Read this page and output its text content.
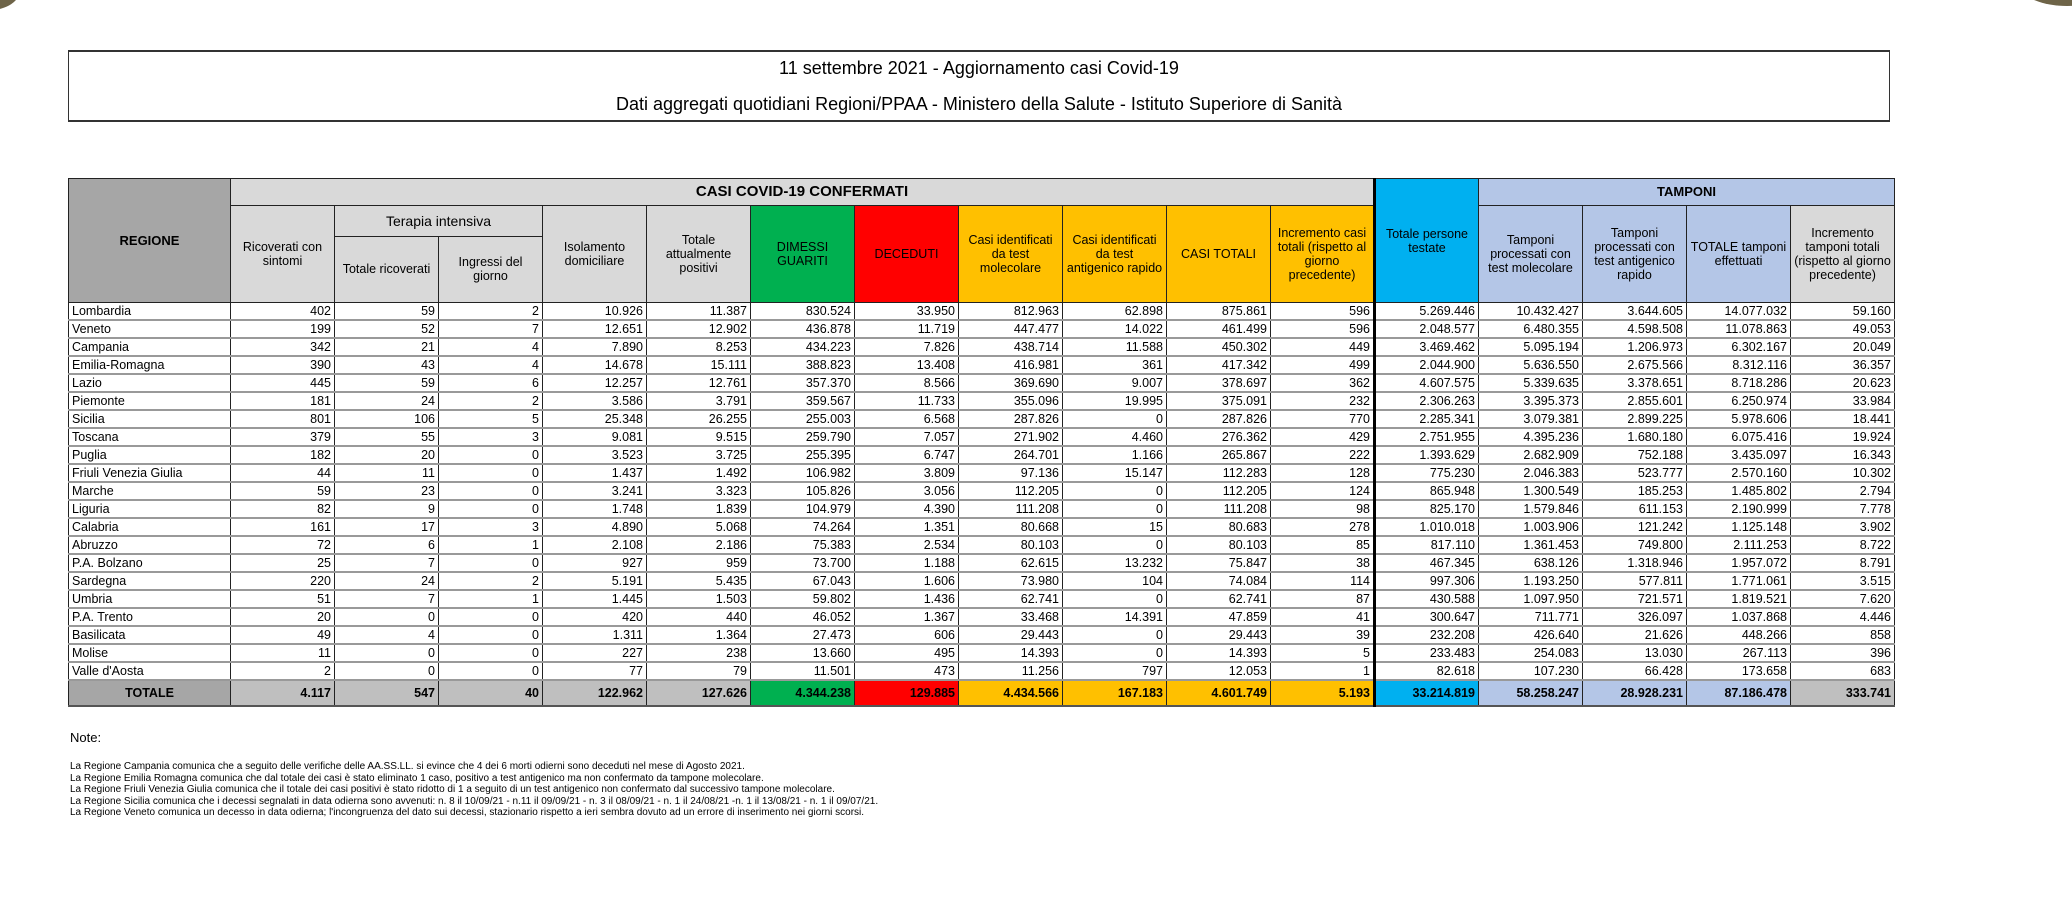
11 settembre 2021 - Aggiornamento casi Covid-19
Dati aggregati quotidiani Regioni/PPAA - Ministero della Salute - Istituto Superiore di Sanità
REGIONE	CASI COVID-19 CONFERMATI											Totale persone testate	TAMPONI			
	Ricoverati con sintomi	Terapia intensiva		Isolamento domiciliare	Totale attualmente positivi	DIMESSI GUARITI	DECEDUTI	Casi identificati da test molecolare	Casi identificati da test antigenico rapido	CASI TOTALI	Incremento casi totali (rispetto al giorno precedente)		Tamponi processati con test molecolare	Tamponi processati con test antigenico rapido	TOTALE tamponi effettuati	Incremento tamponi totali (rispetto al giorno precedente)
		Totale ricoverati	Ingressi del giorno													
Lombardia	402	59	2	10.926	11.387	830.524	33.950	812.963	62.898	875.861	596	5.269.446	10.432.427	3.644.605	14.077.032	59.160
Veneto	199	52	7	12.651	12.902	436.878	11.719	447.477	14.022	461.499	596	2.048.577	6.480.355	4.598.508	11.078.863	49.053
Campania	342	21	4	7.890	8.253	434.223	7.826	438.714	11.588	450.302	449	3.469.462	5.095.194	1.206.973	6.302.167	20.049
Emilia-Romagna	390	43	4	14.678	15.111	388.823	13.408	416.981	361	417.342	499	2.044.900	5.636.550	2.675.566	8.312.116	36.357
Lazio	445	59	6	12.257	12.761	357.370	8.566	369.690	9.007	378.697	362	4.607.575	5.339.635	3.378.651	8.718.286	20.623
Piemonte	181	24	2	3.586	3.791	359.567	11.733	355.096	19.995	375.091	232	2.306.263	3.395.373	2.855.601	6.250.974	33.984
Sicilia	801	106	5	25.348	26.255	255.003	6.568	287.826	0	287.826	770	2.285.341	3.079.381	2.899.225	5.978.606	18.441
Toscana	379	55	3	9.081	9.515	259.790	7.057	271.902	4.460	276.362	429	2.751.955	4.395.236	1.680.180	6.075.416	19.924
Puglia	182	20	0	3.523	3.725	255.395	6.747	264.701	1.166	265.867	222	1.393.629	2.682.909	752.188	3.435.097	16.343
Friuli Venezia Giulia	44	11	0	1.437	1.492	106.982	3.809	97.136	15.147	112.283	128	775.230	2.046.383	523.777	2.570.160	10.302
Marche	59	23	0	3.241	3.323	105.826	3.056	112.205	0	112.205	124	865.948	1.300.549	185.253	1.485.802	2.794
Liguria	82	9	0	1.748	1.839	104.979	4.390	111.208	0	111.208	98	825.170	1.579.846	611.153	2.190.999	7.778
Calabria	161	17	3	4.890	5.068	74.264	1.351	80.668	15	80.683	278	1.010.018	1.003.906	121.242	1.125.148	3.902
Abruzzo	72	6	1	2.108	2.186	75.383	2.534	80.103	0	80.103	85	817.110	1.361.453	749.800	2.111.253	8.722
P.A. Bolzano	25	7	0	927	959	73.700	1.188	62.615	13.232	75.847	38	467.345	638.126	1.318.946	1.957.072	8.791
Sardegna	220	24	2	5.191	5.435	67.043	1.606	73.980	104	74.084	114	997.306	1.193.250	577.811	1.771.061	3.515
Umbria	51	7	1	1.445	1.503	59.802	1.436	62.741	0	62.741	87	430.588	1.097.950	721.571	1.819.521	7.620
P.A. Trento	20	0	0	420	440	46.052	1.367	33.468	14.391	47.859	41	300.647	711.771	326.097	1.037.868	4.446
Basilicata	49	4	0	1.311	1.364	27.473	606	29.443	0	29.443	39	232.208	426.640	21.626	448.266	858
Molise	11	0	0	227	238	13.660	495	14.393	0	14.393	5	233.483	254.083	13.030	267.113	396
Valle d'Aosta	2	0	0	77	79	11.501	473	11.256	797	12.053	1	82.618	107.230	66.428	173.658	683
TOTALE	4.117	547	40	122.962	127.626	4.344.238	129.885	4.434.566	167.183	4.601.749	5.193	33.214.819	58.258.247	28.928.231	87.186.478	333.741
Note:
La Regione Campania comunica che a seguito delle verifiche delle AA.SS.LL. si evince che 4 dei 6 morti odierni sono deceduti nel mese di Agosto 2021.
La Regione Emilia Romagna comunica che dal totale dei casi è stato eliminato 1 caso, positivo a test antigenico ma non confermato da tampone molecolare.
La Regione Friuli Venezia Giulia comunica che il totale dei casi positivi è stato ridotto di 1 a seguito di un test antigenico non confermato dal successivo tampone molecolare.
La Regione Sicilia comunica che i decessi segnalati in data odierna sono avvenuti: n. 8 il 10/09/21 - n.11 il 09/09/21 - n. 3 il 08/09/21 - n. 1 il 24/08/21 -n. 1 il 13/08/21 - n. 1 il 09/07/21.
La Regione Veneto comunica un decesso in data odierna; l'incongruenza del dato sui decessi, stazionario rispetto a ieri sembra dovuto ad un errore di inserimento nei giorni scorsi.
